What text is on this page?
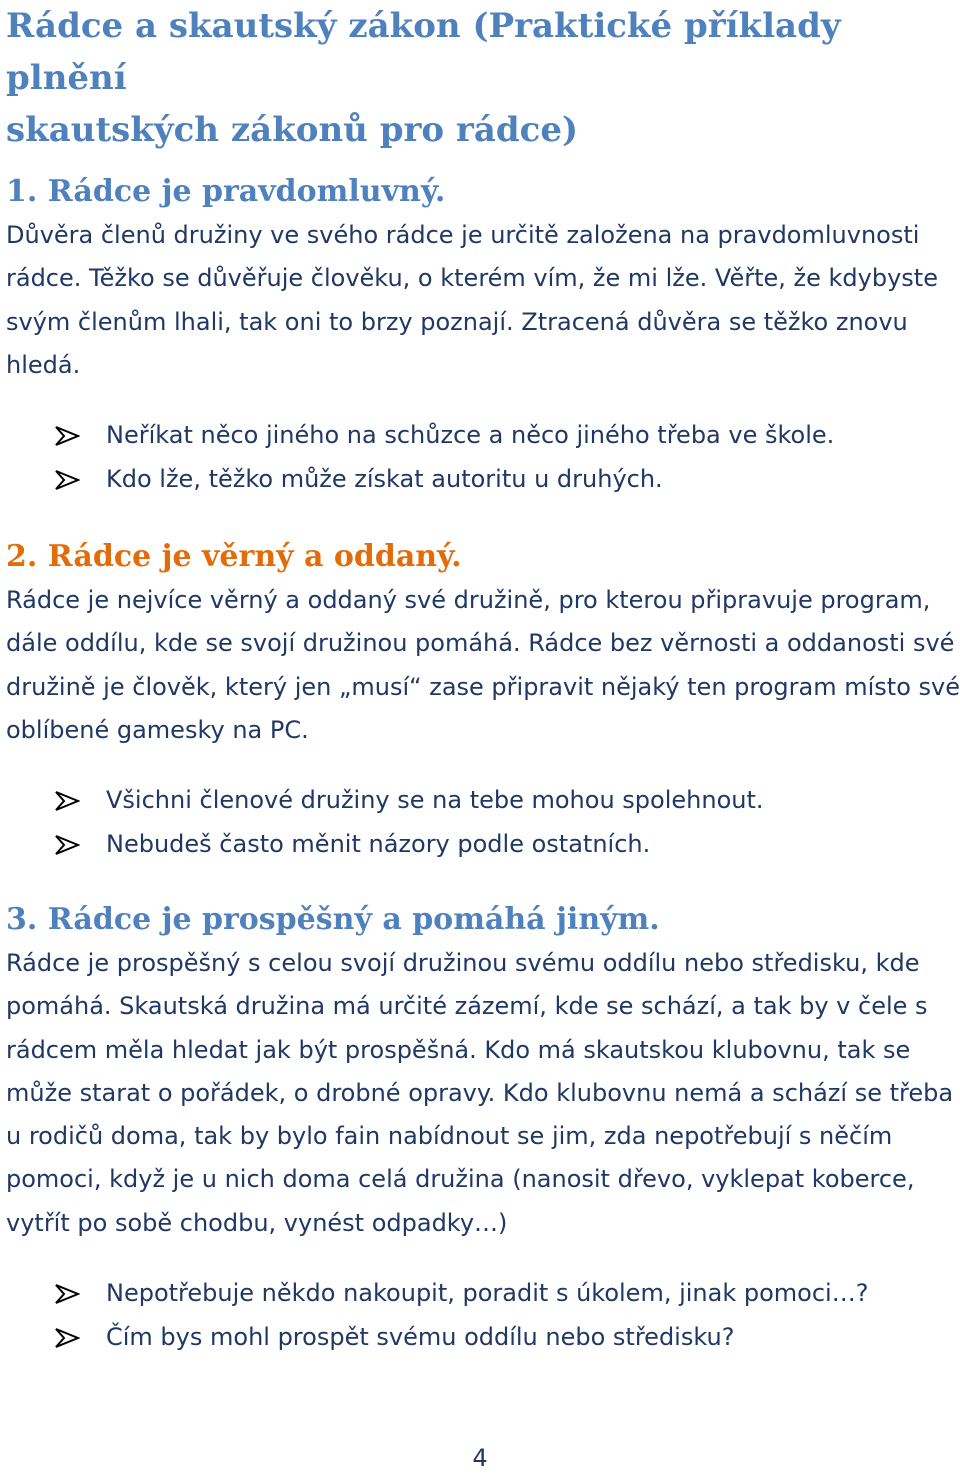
Rádce a skautský zákon (Praktické příklady plnění
skautských zákonů pro rádce)
1. Rádce je pravdomluvný.

Důvěra členů družiny ve svého rádce je určitě založena na pravdomluvnosti rádce. Těžko se důvěřuje člověku, o kterém vím, že mi lže. Věřte, že kdybyste svým členům lhali, tak oni to brzy poznají. Ztracená důvěra se těžko znovu hledá.

Neříkat něco jiného na schůzce a něco jiného třeba ve škole.
Kdo lže, těžko může získat autoritu u druhých.
2. Rádce je věrný a oddaný.

Rádce je nejvíce věrný a oddaný své družině, pro kterou připravuje program, dále oddílu, kde se svojí družinou pomáhá. Rádce bez věrnosti a oddanosti své družině je člověk, který jen „musí“ zase připravit nějaký ten program místo své oblíbené gamesky na PC.

Všichni členové družiny se na tebe mohou spolehnout.
Nebudeš často měnit názory podle ostatních.
3. Rádce je prospěšný a pomáhá jiným.

Rádce je prospěšný s celou svojí družinou svému oddílu nebo středisku, kde pomáhá. Skautská družina má určité zázemí, kde se schází, a tak by v čele s rádcem měla hledat jak být prospěšná. Kdo má skautskou klubovnu, tak se může starat o pořádek, o drobné opravy. Kdo klubovnu nemá a schází se třeba u rodičů doma, tak by bylo fain nabídnout se jim, zda nepotřebují s něčím pomoci, když je u nich doma celá družina (nanosit dřevo, vyklepat koberce, vytřít po sobě chodbu, vynést odpadky…)

Nepotřebuje někdo nakoupit, poradit s úkolem, jinak pomoci…?
Čím bys mohl prospět svému oddílu nebo středisku?
4
